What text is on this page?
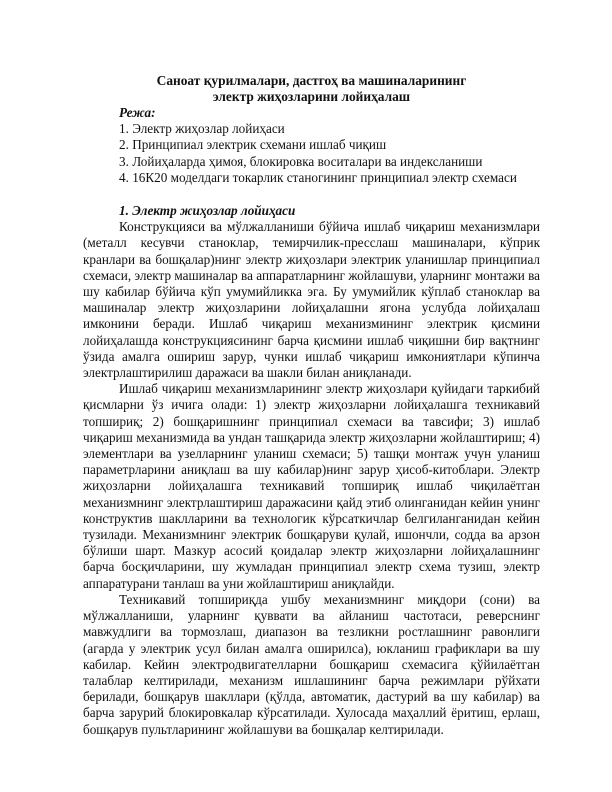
Саноат қурилмалари, дастгоҳ ва машиналарининг
электр жиҳозларини лойиҳалаш
Режа:
1. Электр жиҳозлар лойиҳаси
2. Принципиал электрик схемани ишлаб чиқиш
3. Лойиҳаларда ҳимоя, блокировка воситалари ва индексланиши
4. 16К20 моделдаги токарлик станогининг принципиал электр схемаси
1. Электр жиҳозлар лойиҳаси

Конструкцияси ва мўлжалланиши бўйича ишлаб чиқариш механизмлари (металл кесувчи станоклар, темирчилик-пресслаш машиналари, кўприк кранлари ва бошқалар)нинг электр жиҳозлари электрик уланишлар принципиал схемаси, электр машиналар ва аппаратларнинг жойлашуви, уларнинг монтажи ва шу кабилар бўйича кўп умумийликка эга. Бу умумийлик кўплаб станоклар ва машиналар электр жиҳозларини лойиҳалашни ягона услубда лойиҳалаш имконини беради. Ишлаб чиқариш механизмининг электрик қисмини лойиҳалашда конструкциясининг барча қисмини ишлаб чиқишни бир вақтнинг ўзида амалга ошириш зарур, чунки ишлаб чиқариш имкониятлари кўпинча электрлаштирилиш даражаси ва шакли билан аниқланади.

Ишлаб чиқариш механизмларининг электр жиҳозлари қуйидаги таркибий қисмларни ўз ичига олади: 1) электр жиҳозларни лойиҳалашга техникавий топшириқ; 2) бошқаришнинг принципиал схемаси ва тавсифи; 3) ишлаб чиқариш механизмида ва ундан ташқарида электр жиҳозларни жойлаштириш; 4) элементлари ва узелларнинг уланиш схемаси; 5) ташқи монтаж учун уланиш параметрларини аниқлаш ва шу кабилар)нинг зарур ҳисоб-китоблари. Электр жиҳозларни лойиҳалашга техникавий топшириқ ишлаб чиқилаётган механизмнинг электрлаштириш даражасини қайд этиб олинганидан кейин унинг конструктив шаклларини ва технологик кўрсаткичлар белгиланганидан кейин тузилади. Механизмнинг электрик бошқаруви қулай, ишончли, содда ва арзон бўлиши шарт. Мазкур асосий қоидалар электр жиҳозларни лойиҳалашнинг барча босқичларини, шу жумладан принципиал электр схема тузиш, электр аппаратурани танлаш ва уни жойлаштириш аниқлайди.

Техникавий топшириқда ушбу механизмнинг миқдори (сони) ва мўлжалланиши, уларнинг қуввати ва айланиш частотаси, реверснинг мавжудлиги ва тормозлаш, диапазон ва тезликни ростлашнинг равонлиги (агарда у электрик усул билан амалга оширилса), юкланиш графиклари ва шу кабилар. Кейин электродвигателларни бошқариш схемасига қўйилаётган талаблар келтирилади, механизм ишлашининг барча режимлари рўйхати берилади, бошқарув шакллари (қўлда, автоматик, дастурий ва шу кабилар) ва барча зарурий блокировкалар кўрсатилади. Хулосада маҳаллий ёритиш, ерлаш, бошқарув пультларининг жойлашуви ва бошқалар келтирилади.
